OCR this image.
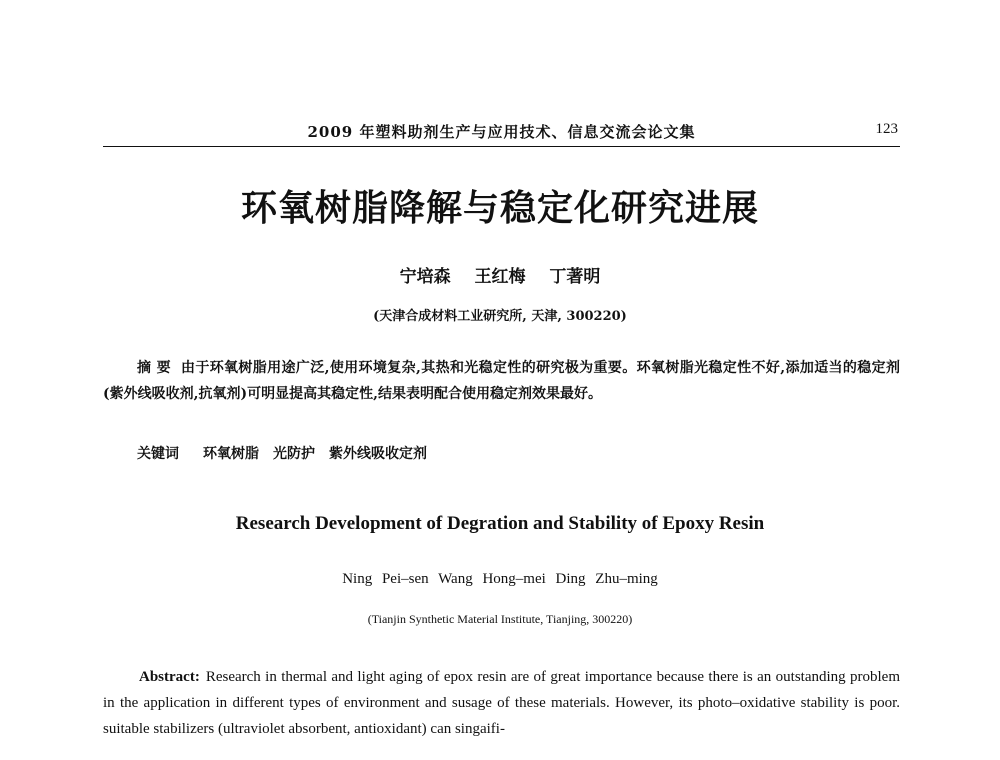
2009 年塑料助剂生产与应用技术、信息交流会论文集	123
环氧树脂降解与稳定化研究进展
宁培森 王红梅 丁著明
(天津合成材料工业研究所, 天津, 300220)
摘 要 由于环氧树脂用途广泛,使用环境复杂,其热和光稳定性的研究极为重要。环氧树脂光稳定性不好,添加适当的稳定剂(紫外线吸收剂,抗氧剂)可明显提高其稳定性,结果表明配合使用稳定剂效果最好。
关键词 环氧树脂 光防护 紫外线吸收定剂
Research Development of Degration and Stability of Epoxy Resin
Ning Pei–sen Wang Hong–mei Ding Zhu–ming
(Tianjin Synthetic Material Institute, Tianjing, 300220)
Abstract: Research in thermal and light aging of epox resin are of great importance because there is an outstanding problem in the application in different types of environment and susage of these materials. However, its photo–oxidative stability is poor. suitable stabilizers (ultraviolet absorbent, antioxidant) can singaifi-
